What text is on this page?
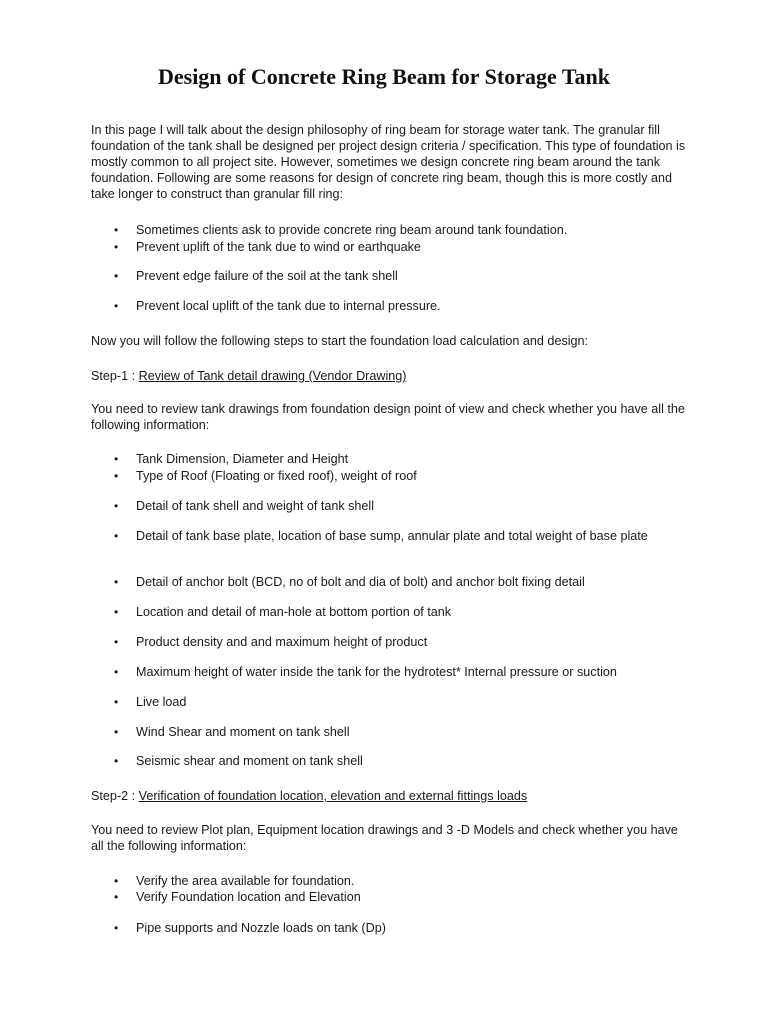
Design of Concrete Ring Beam for Storage Tank

In this page I will talk about the design philosophy of ring beam for storage water tank. The granular fill foundation of the tank shall be designed per project design criteria / specification. This type of foundation is mostly common to all project site. However, sometimes we design concrete ring beam around the tank foundation. Following are some reasons for design of concrete ring beam, though this is more costly and take longer to construct than granular fill ring:

• Sometimes clients ask to provide concrete ring beam around tank foundation.
• Prevent uplift of the tank due to wind or earthquake
• Prevent edge failure of the soil at the tank shell
• Prevent local uplift of the tank due to internal pressure.

Now you will follow the following steps to start the foundation load calculation and design:

Step-1 : Review of Tank detail drawing (Vendor Drawing)

You need to review tank drawings from foundation design point of view and check whether you have all the following information:

• Tank Dimension, Diameter and Height
• Type of Roof (Floating or fixed roof), weight of roof
• Detail of tank shell and weight of tank shell
• Detail of tank base plate, location of base sump, annular plate and total weight of base plate
• Detail of anchor bolt (BCD, no of bolt and dia of bolt) and anchor bolt fixing detail
• Location and detail of man-hole at bottom portion of tank
• Product density and and maximum height of product
• Maximum height of water inside the tank for the hydrotest* Internal pressure or suction
• Live load
• Wind Shear and moment on tank shell
• Seismic shear and moment on tank shell

Step-2 : Verification of foundation location, elevation and external fittings loads

You need to review Plot plan, Equipment location drawings and 3 -D Models and check whether you have all the following information:

• Verify the area available for foundation.
• Verify Foundation location and Elevation
• Pipe supports and Nozzle loads on tank (Dp)
